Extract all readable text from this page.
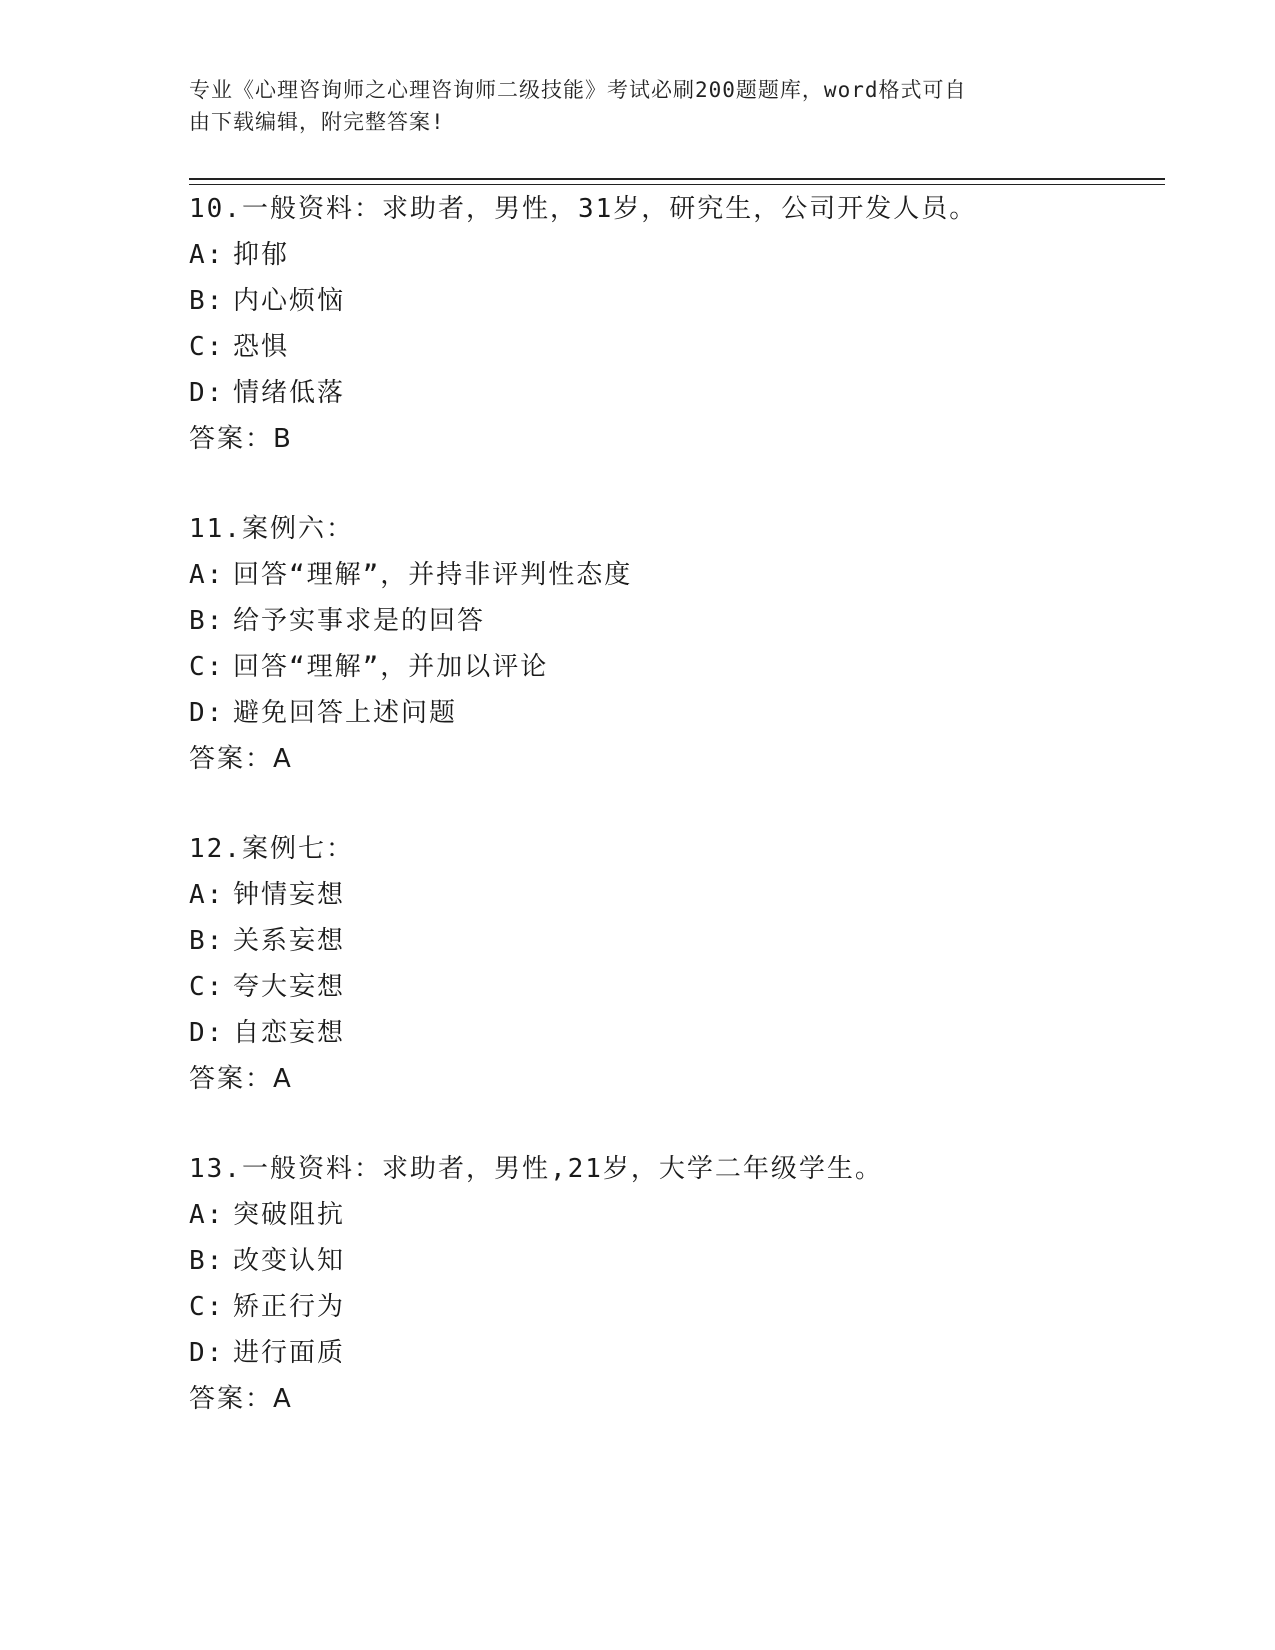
专业《心理咨询师之心理咨询师二级技能》考试必刷200题题库，word格式可自
由下载编辑，附完整答案!
10.一般资料：求助者，男性，31岁，研究生，公司开发人员。
A: 抑郁
B: 内心烦恼
C: 恐惧
D: 情绪低落
答案：B
11.案例六：
A: 回答“理解”，并持非评判性态度
B: 给予实事求是的回答
C: 回答“理解”，并加以评论
D: 避免回答上述问题
答案：A
12.案例七：
A: 钟情妄想
B: 关系妄想
C: 夸大妄想
D: 自恋妄想
答案：A
13.一般资料：求助者，男性,21岁，大学二年级学生。
A: 突破阻抗
B: 改变认知
C: 矫正行为
D: 进行面质
答案：A
